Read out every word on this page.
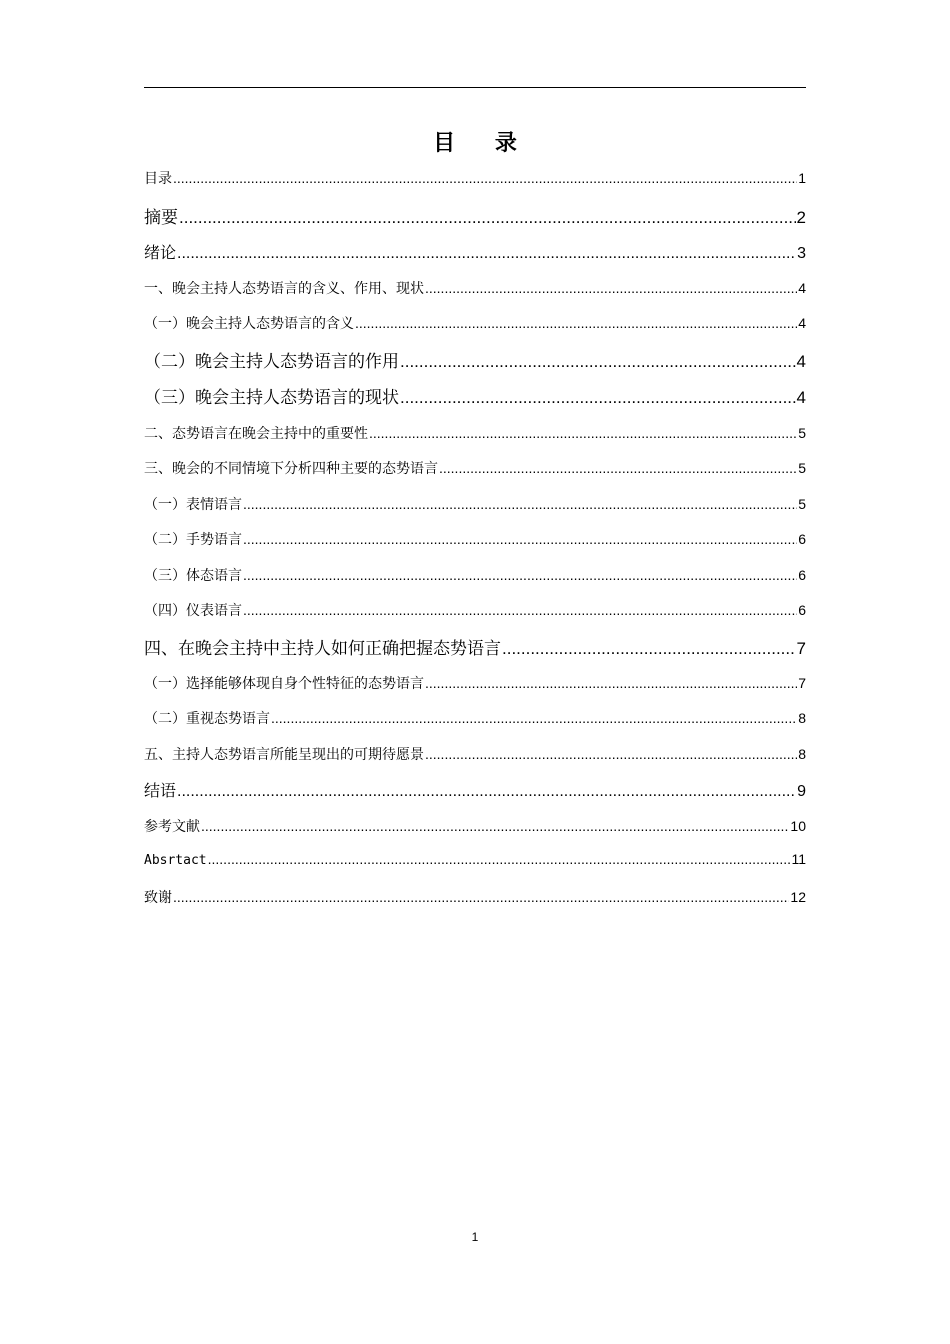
目 录
目录 .....	1
摘要 .....	2
绪论 .....	3
一、晚会主持人态势语言的含义、作用、现状 .....	4
（一）晚会主持人态势语言的含义 .....	4
（二）晚会主持人态势语言的作用 .....	4
（三）晚会主持人态势语言的现状 .....	4
二、态势语言在晚会主持中的重要性 .....	5
三、晚会的不同情境下分析四种主要的态势语言 .....	5
（一）表情语言 .....	5
（二）手势语言 .....	6
（三）体态语言 .....	6
（四）仪表语言 .....	6
四、在晚会主持中主持人如何正确把握态势语言 .....	7
（一）选择能够体现自身个性特征的态势语言 .....	7
（二）重视态势语言 .....	8
五、主持人态势语言所能呈现出的可期待愿景 .....	8
结语 .....	9
参考文献 .....	10
Absrtact .....	11
致谢 .....	12
1
